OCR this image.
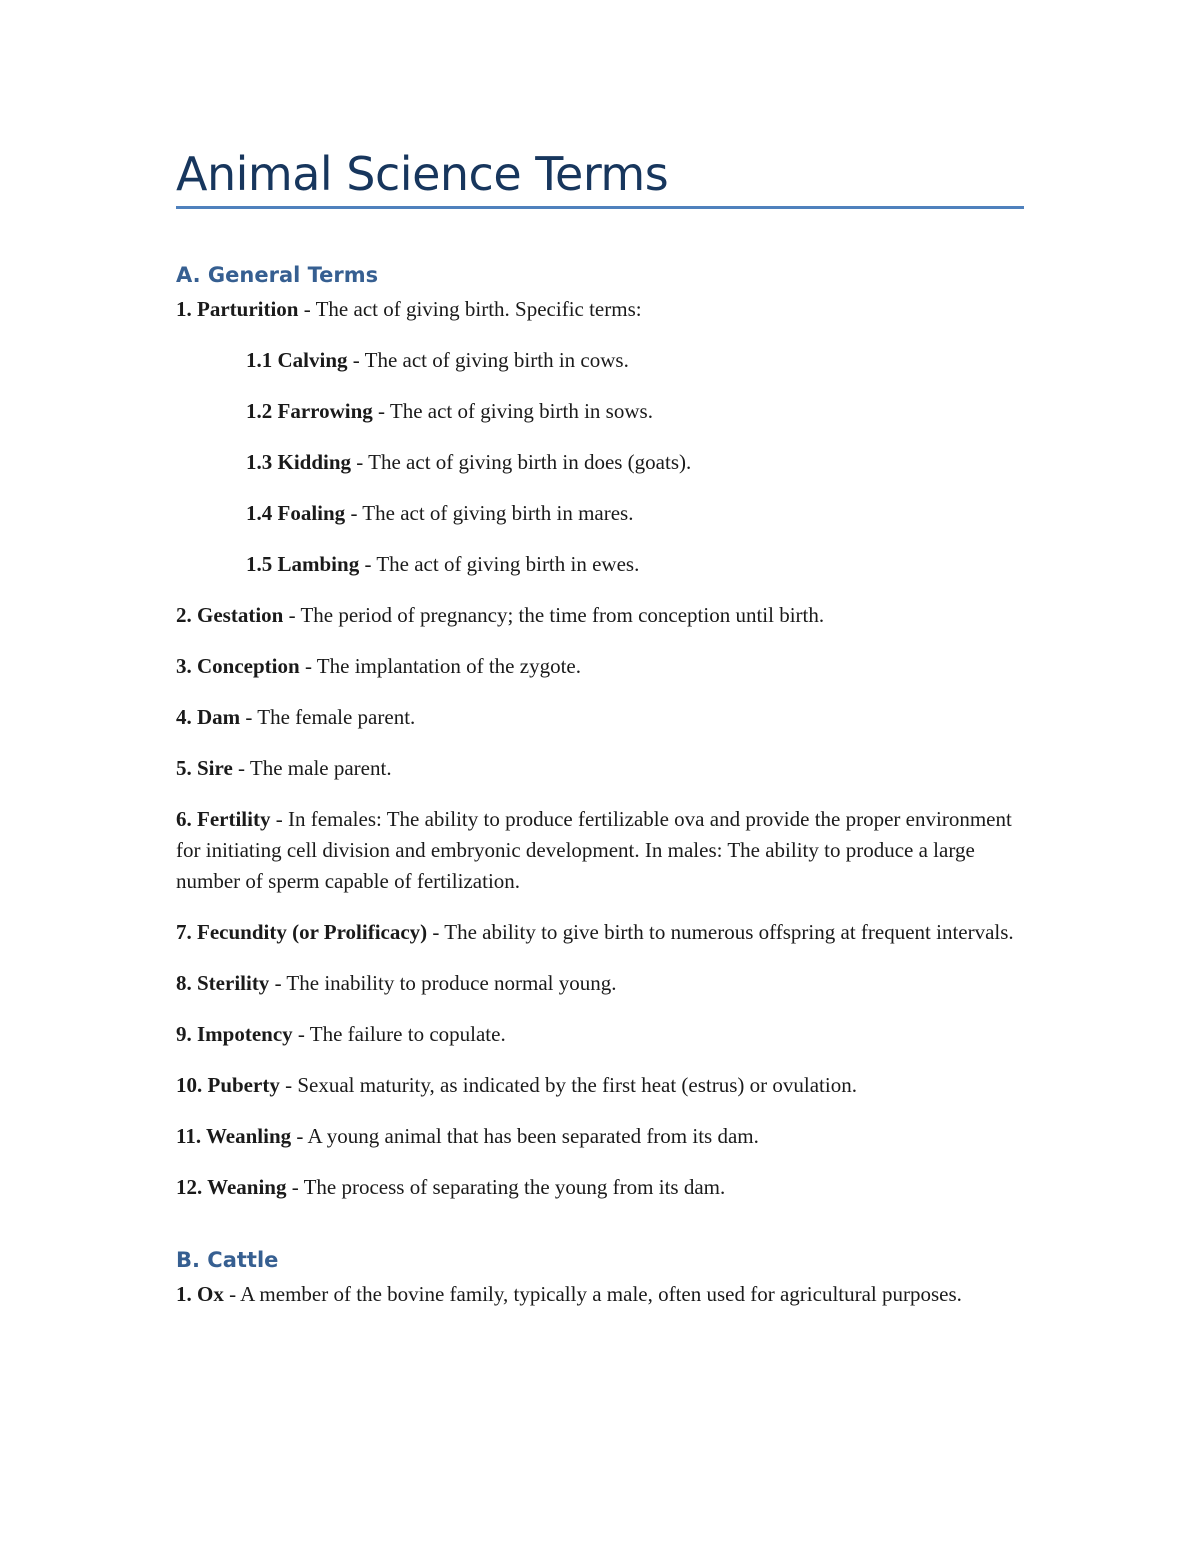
Animal Science Terms
A. General Terms

1. Parturition - The act of giving birth. Specific terms:

1.1 Calving - The act of giving birth in cows.

1.2 Farrowing - The act of giving birth in sows.

1.3 Kidding - The act of giving birth in does (goats).

1.4 Foaling - The act of giving birth in mares.

1.5 Lambing - The act of giving birth in ewes.

2. Gestation - The period of pregnancy; the time from conception until birth.

3. Conception - The implantation of the zygote.

4. Dam - The female parent.

5. Sire - The male parent.

6. Fertility - In females: The ability to produce fertilizable ova and provide the proper environment for initiating cell division and embryonic development. In males: The ability to produce a large number of sperm capable of fertilization.

7. Fecundity (or Prolificacy) - The ability to give birth to numerous offspring at frequent intervals.

8. Sterility - The inability to produce normal young.

9. Impotency - The failure to copulate.

10. Puberty - Sexual maturity, as indicated by the first heat (estrus) or ovulation.

11. Weanling - A young animal that has been separated from its dam.

12. Weaning - The process of separating the young from its dam.

B. Cattle

1. Ox - A member of the bovine family, typically a male, often used for agricultural purposes.
